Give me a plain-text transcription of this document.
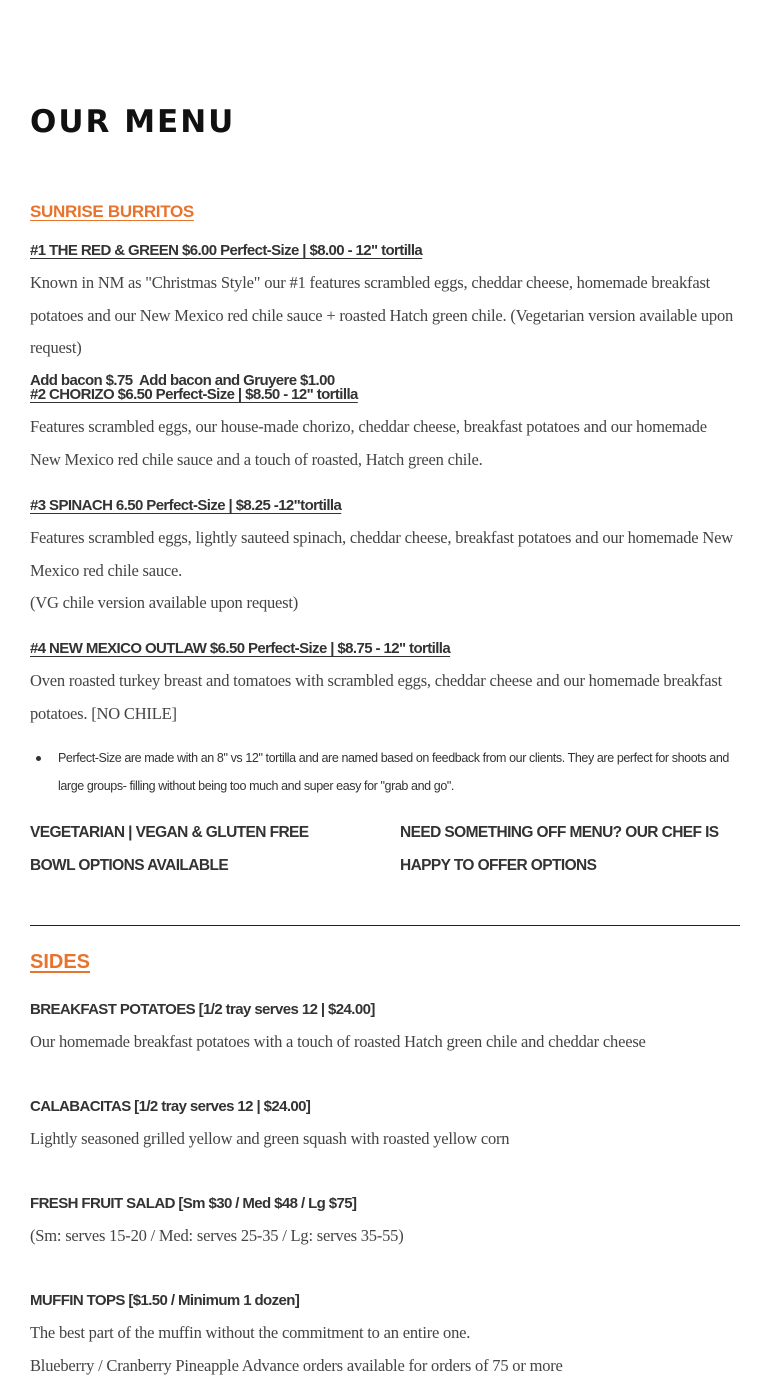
OUR MENU
SUNRISE BURRITOS
#1 THE RED & GREEN $6.00 Perfect-Size | $8.00 - 12" tortilla
Known in NM as "Christmas Style" our #1 features scrambled eggs, cheddar cheese, homemade breakfast potatoes and our New Mexico red chile sauce + roasted Hatch green chile. (Vegetarian version available upon request)
Add bacon $.75  Add bacon and Gruyere $1.00
#2 CHORIZO $6.50 Perfect-Size | $8.50 - 12" tortilla
Features scrambled eggs, our house-made chorizo, cheddar cheese, breakfast potatoes and our homemade New Mexico red chile sauce and a touch of roasted, Hatch green chile.
#3 SPINACH 6.50 Perfect-Size | $8.25 -12"tortilla
Features scrambled eggs, lightly sauteed spinach, cheddar cheese, breakfast potatoes and our homemade New Mexico red chile sauce.
(VG chile version available upon request)
#4 NEW MEXICO OUTLAW $6.50 Perfect-Size | $8.75 - 12" tortilla
Oven roasted turkey breast and tomatoes with scrambled eggs, cheddar cheese and our homemade breakfast potatoes. [NO CHILE]
Perfect-Size are made with an 8" vs 12" tortilla and are named based on feedback from our clients. They are perfect for shoots and large groups- filling without being too much and super easy for "grab and go".
VEGETARIAN | VEGAN & GLUTEN FREE BOWL OPTIONS AVAILABLE
NEED SOMETHING OFF MENU? OUR CHEF IS HAPPY TO OFFER OPTIONS
SIDES
BREAKFAST POTATOES [1/2 tray serves 12 | $24.00]
Our homemade breakfast potatoes with a touch of roasted Hatch green chile and cheddar cheese
CALABACITAS [1/2 tray serves 12 | $24.00]
Lightly seasoned grilled yellow and green squash with roasted yellow corn
FRESH FRUIT SALAD [Sm $30 / Med $48 / Lg $75]
(Sm: serves 15-20 / Med: serves 25-35 / Lg: serves 35-55)
MUFFIN TOPS [$1.50 / Minimum 1 dozen]
The best part of the muffin without the commitment to an entire one.
Blueberry / Cranberry Pineapple Advance orders available for orders of 75 or more
